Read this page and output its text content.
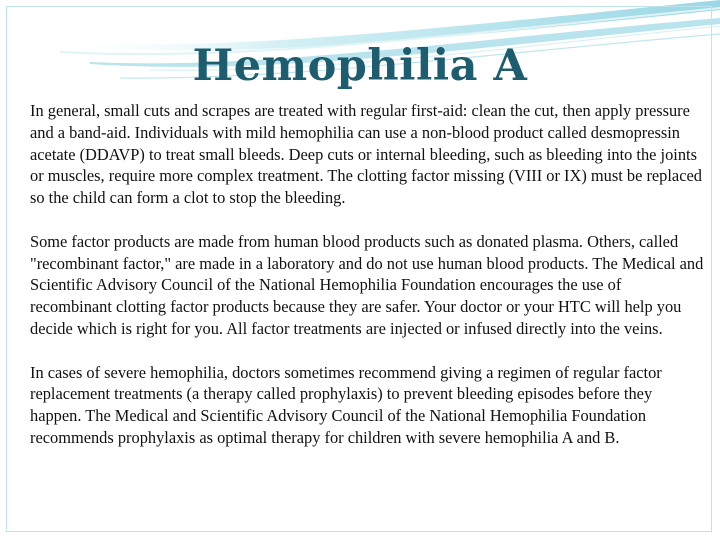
Hemophilia A

In general, small cuts and scrapes are treated with regular first-aid: clean the cut, then apply pressure and a band-aid. Individuals with mild hemophilia can use a non-blood product called desmopressin acetate (DDAVP) to treat small bleeds. Deep cuts or internal bleeding, such as bleeding into the joints or muscles, require more complex treatment. The clotting factor missing (VIII or IX) must be replaced so the child can form a clot to stop the bleeding.

Some factor products are made from human blood products such as donated plasma. Others, called "recombinant factor," are made in a laboratory and do not use human blood products. The Medical and Scientific Advisory Council of the National Hemophilia Foundation encourages the use of recombinant clotting factor products because they are safer. Your doctor or your HTC will help you decide which is right for you. All factor treatments are injected or infused directly into the veins.

In cases of severe hemophilia, doctors sometimes recommend giving a regimen of regular factor replacement treatments (a therapy called prophylaxis) to prevent bleeding episodes before they happen. The Medical and Scientific Advisory Council of the National Hemophilia Foundation recommends prophylaxis as optimal therapy for children with severe hemophilia A and B.
